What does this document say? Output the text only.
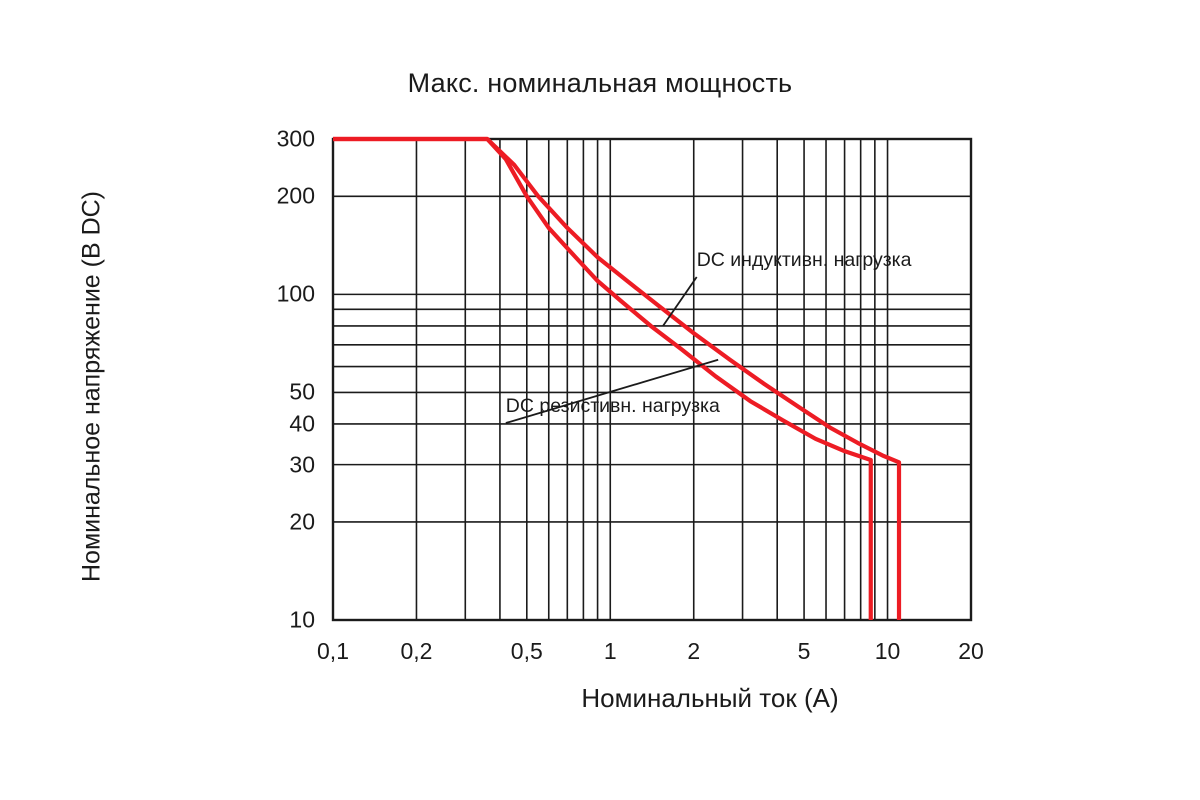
Макс. номинальная мощность
Номинальное напряжение (В DC)
Номинальный ток (А)
10
20
30
40
50
100
200
300
0,1 0,2	0,5	1	2	5	10	20
DC индуктивн. нагрузка
DC резистивн. нагрузка
